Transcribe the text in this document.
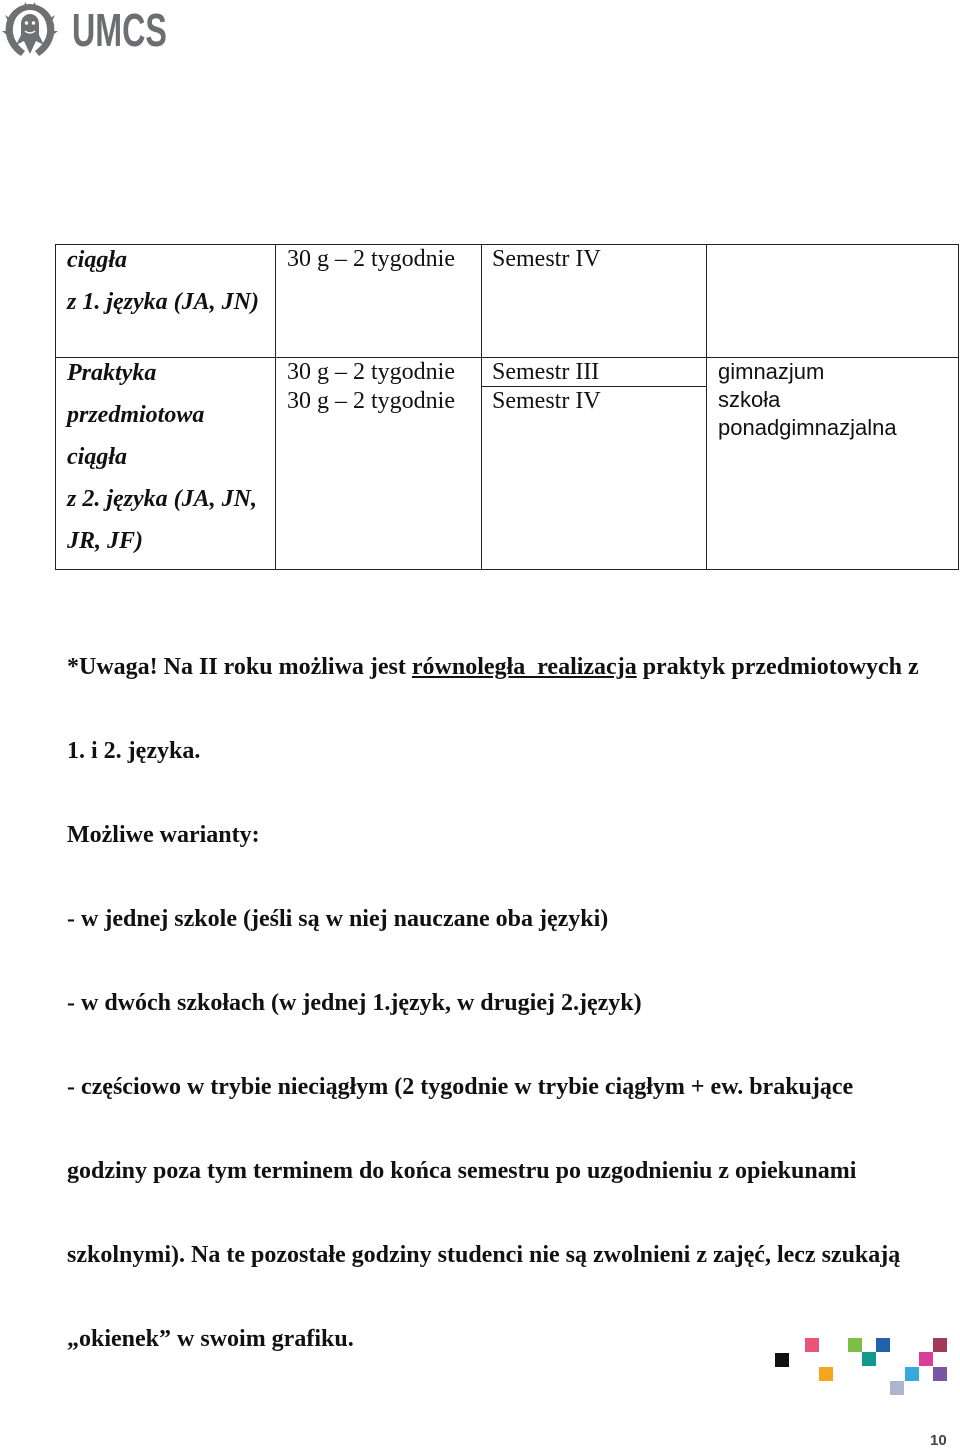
UMCS
ciągła
z 1. języka (JA, JN)
30 g – 2 tygodnie	Semestr IV
Praktyka
przedmiotowa
ciągła
z 2. języka (JA, JN,
JR, JF)
30 g – 2 tygodnie
30 g – 2 tygodnie
Semestr III
Semestr IV
gimnazjum
szkoła
ponadgimnazjalna

*Uwaga! Na II roku możliwa jest równoległa  realizacja praktyk przedmiotowych z

1. i 2. języka.

Możliwe warianty:

- w jednej szkole (jeśli są w niej nauczane oba języki)

- w dwóch szkołach (w jednej 1.język, w drugiej 2.język)

- częściowo w trybie nieciągłym (2 tygodnie w trybie ciągłym + ew. brakujące

godziny poza tym terminem do końca semestru po uzgodnieniu z opiekunami

szkolnymi). Na te pozostałe godziny studenci nie są zwolnieni z zajęć, lecz szukają

„okienek” w swoim grafiku.

10
